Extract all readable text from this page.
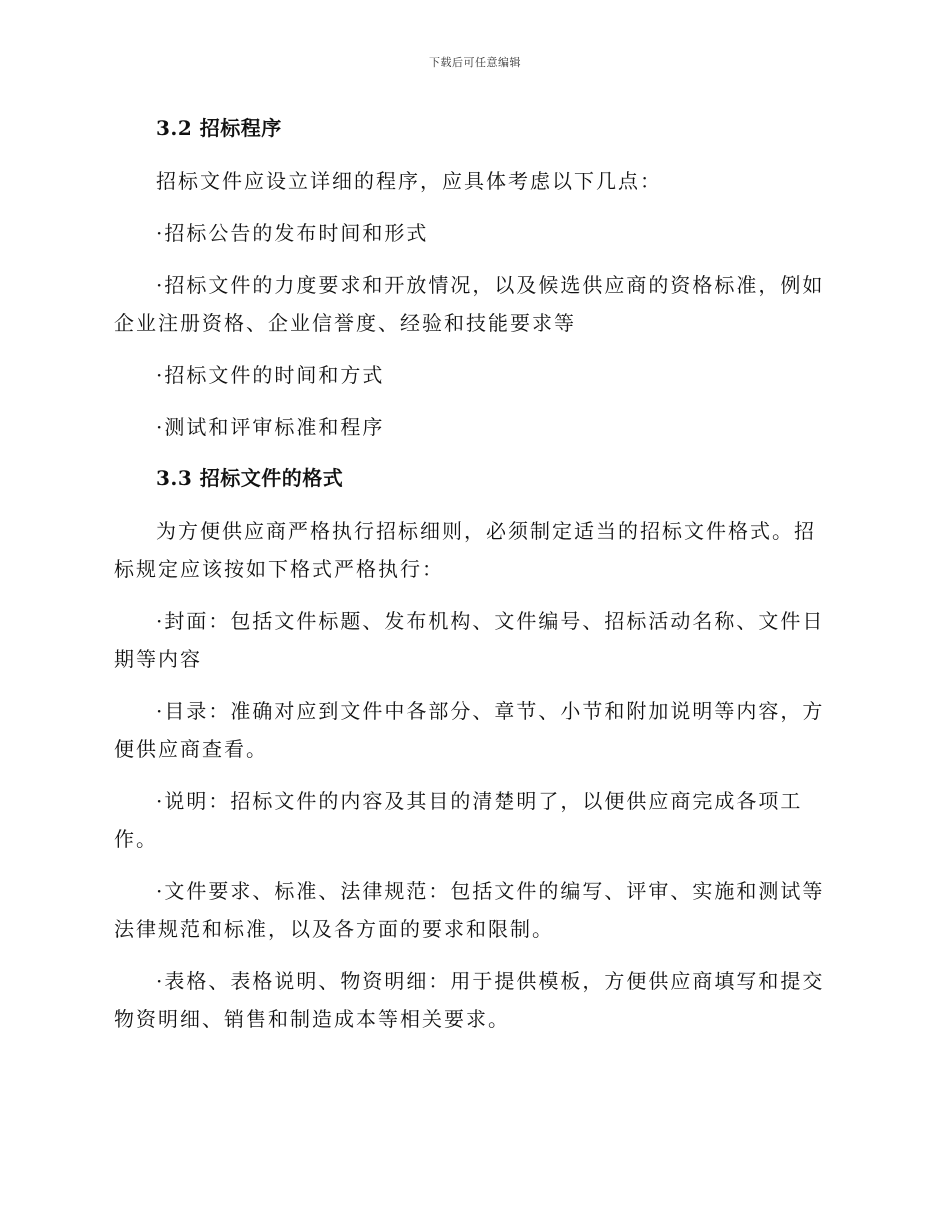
下载后可任意编辑
3.2 招标程序

招标文件应设立详细的程序，应具体考虑以下几点：

·招标公告的发布时间和形式

·招标文件的力度要求和开放情况，以及候选供应商的资格标准，例如企业注册资格、企业信誉度、经验和技能要求等

·招标文件的时间和方式

·测试和评审标准和程序

3.3 招标文件的格式

为方便供应商严格执行招标细则，必须制定适当的招标文件格式。招标规定应该按如下格式严格执行：

·封面：包括文件标题、发布机构、文件编号、招标活动名称、文件日期等内容

·目录：准确对应到文件中各部分、章节、小节和附加说明等内容，方便供应商查看。

·说明：招标文件的内容及其目的清楚明了，以便供应商完成各项工作。

·文件要求、标准、法律规范：包括文件的编写、评审、实施和测试等法律规范和标准，以及各方面的要求和限制。

·表格、表格说明、物资明细：用于提供模板，方便供应商填写和提交物资明细、销售和制造成本等相关要求。
